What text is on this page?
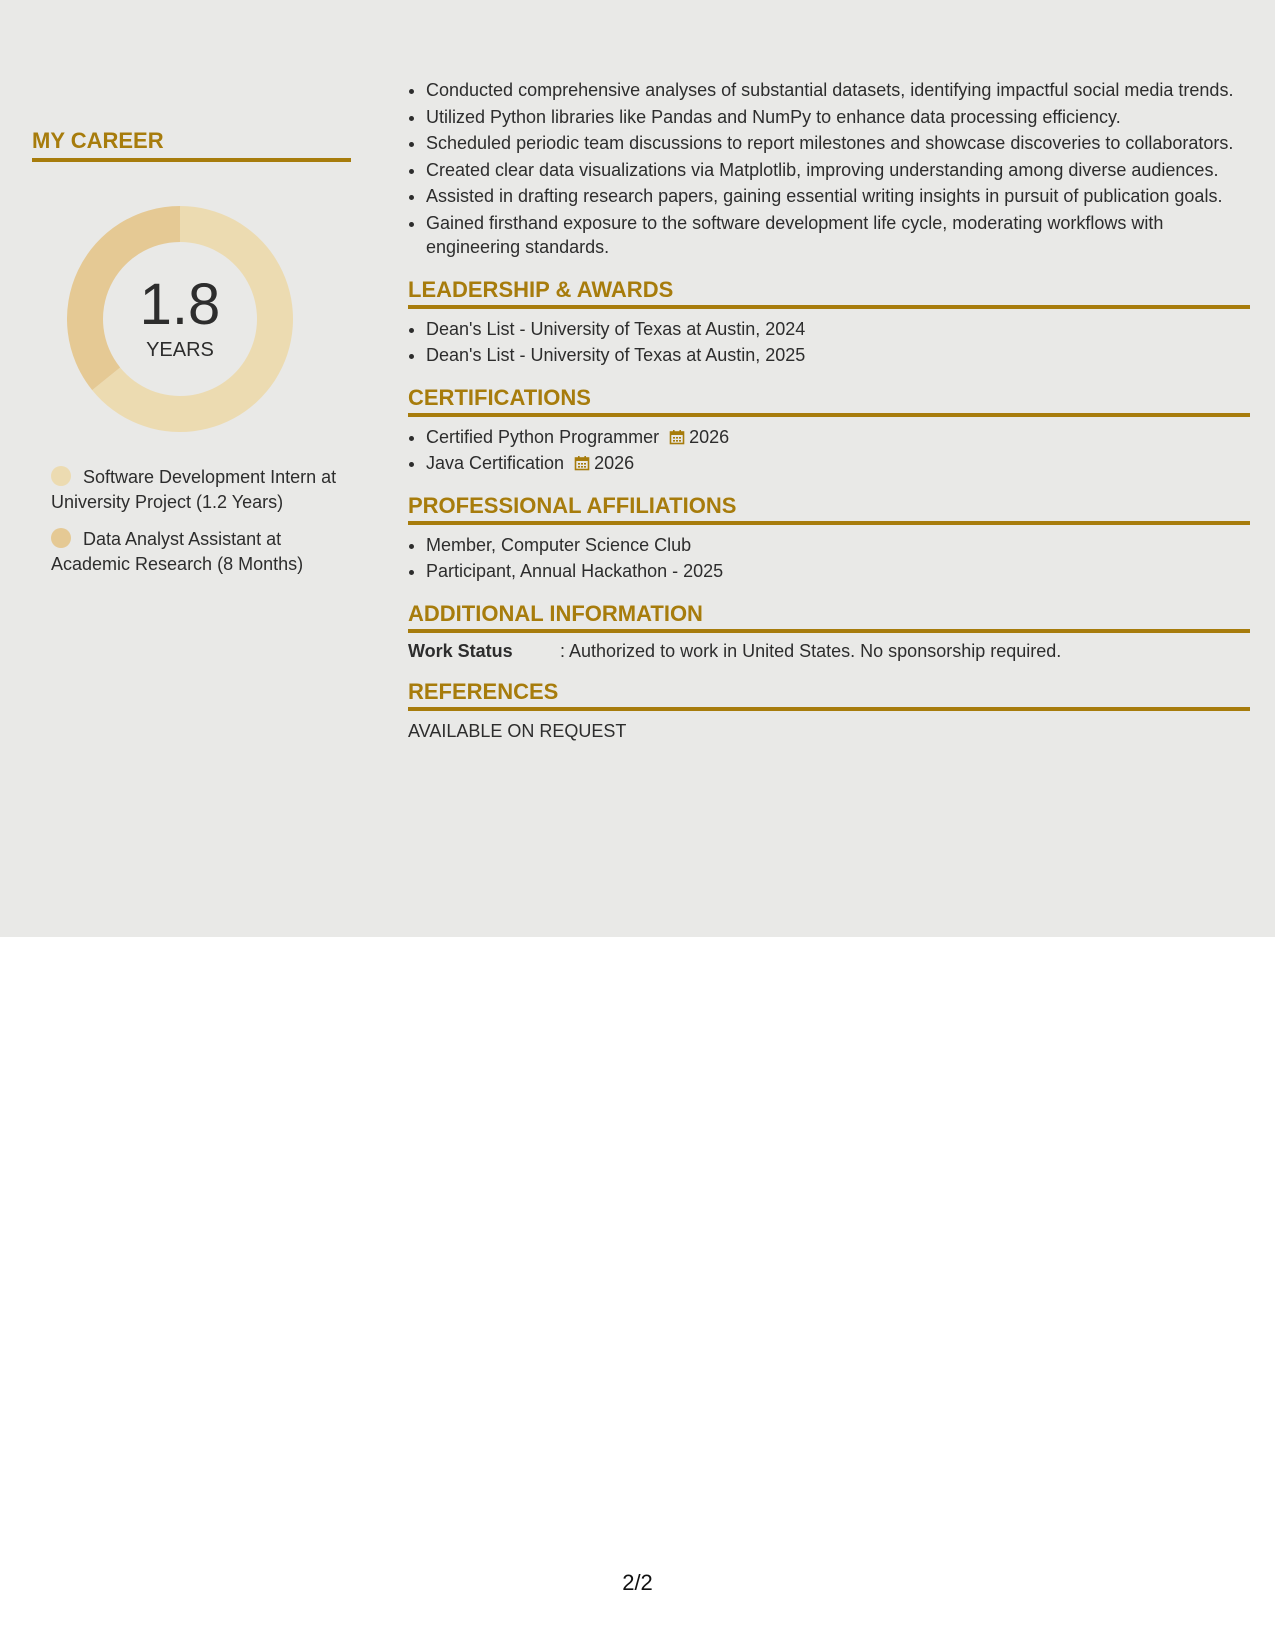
MY CAREER
1.8
YEARS
Software Development Intern at University Project (1.2 Years)
Data Analyst Assistant at Academic Research (8 Months)
• Conducted comprehensive analyses of substantial datasets, identifying impactful social media trends.
• Utilized Python libraries like Pandas and NumPy to enhance data processing efficiency.
• Scheduled periodic team discussions to report milestones and showcase discoveries to collaborators.
• Created clear data visualizations via Matplotlib, improving understanding among diverse audiences.
• Assisted in drafting research papers, gaining essential writing insights in pursuit of publication goals.
• Gained firsthand exposure to the software development life cycle, moderating workflows with engineering standards.
LEADERSHIP & AWARDS
• Dean's List - University of Texas at Austin, 2024
• Dean's List - University of Texas at Austin, 2025
CERTIFICATIONS
• Certified Python Programmer 2026
• Java Certification 2026
PROFESSIONAL AFFILIATIONS
• Member, Computer Science Club
• Participant, Annual Hackathon - 2025
ADDITIONAL INFORMATION
Work Status	: Authorized to work in United States. No sponsorship required.
REFERENCES
AVAILABLE ON REQUEST
2/2
